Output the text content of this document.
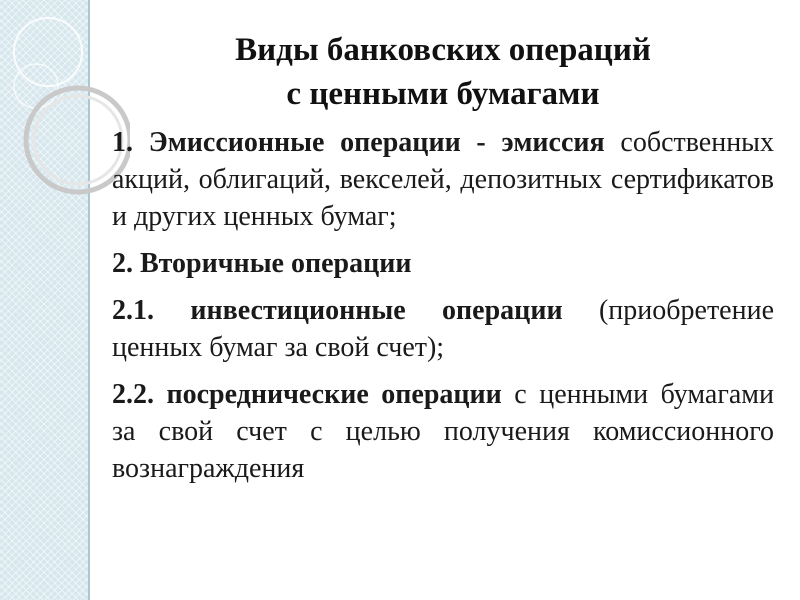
Виды банковских операций
с ценными бумагами

1. Эмиссионные операции - эмиссия собственных акций, облигаций, векселей, депозитных сертификатов и других ценных бумаг;

2. Вторичные операции

2.1. инвестиционные операции (приобретение ценных бумаг за свой счет);

2.2. посреднические операции с ценными бумагами за свой счет с целью получения комиссионного вознаграждения
